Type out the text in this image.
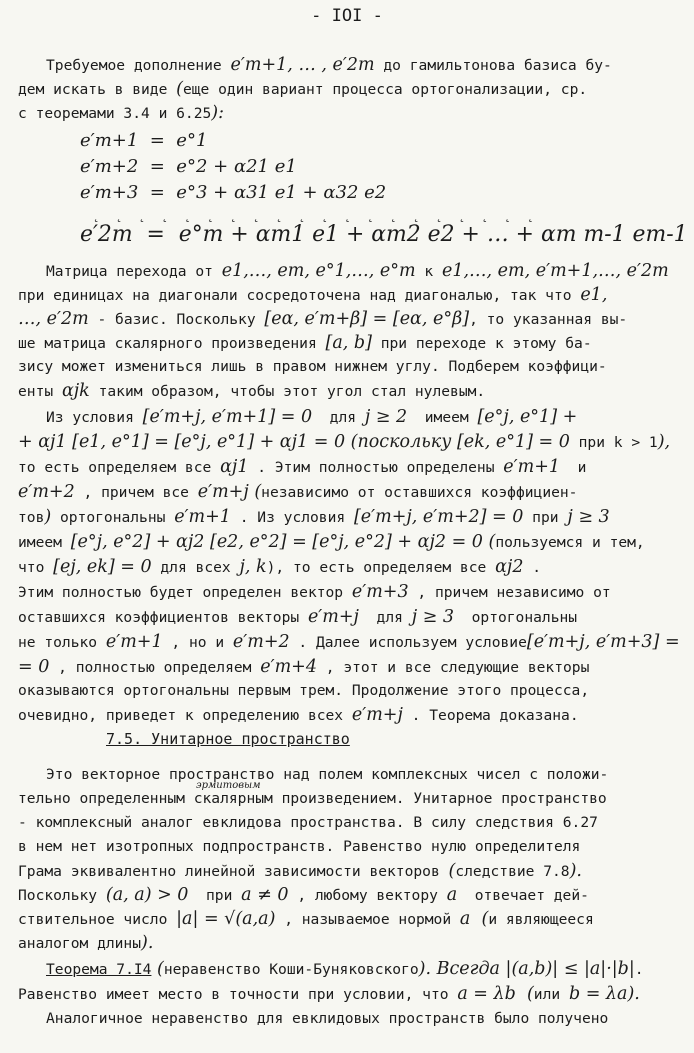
- IOI -
Требуемое дополнение e′m+1, … , e′2m до гамильтонова базиса бу-
дем искать в виде (еще один вариант процесса ортогонализации, ср.
с теоремами 3.4 и 6.25):
e′m+1  =  e°1
e′m+2  =  e°2 + α21 e1
e′m+3  =  e°3 + α31 e1 + α32 e2
˛ ˛ ˛ ˛ ˛ ˛ ˛ ˛ ˛ ˛ ˛ ˛ ˛ ˛ ˛ ˛ ˛ ˛ ˛ ˛
e′2m  =  e°m + αm1 e1 + αm2 e2 + … + αm m-1 em-1
Матрица перехода от e1,…, em, e°1,…, e°m к e1,…, em, e′m+1,…, e′2m
при единицах на диагонали сосредоточена над диагональю, так что e1,
…, e′2m - базис. Поскольку [eα, e′m+β] = [eα, e°β], то указанная вы-
ше матрица скалярного произведения [a, b] при переходе к этому ба-
зису может измениться лишь в правом нижнем углу. Подберем коэффици-
енты αjk таким образом, чтобы этот угол стал нулевым.
Из условия [e′m+j, e′m+1] = 0  для j ≥ 2  имеем [e°j, e°1] +
+ αj1 [e1, e°1] = [e°j, e°1] + αj1 = 0 (поскольку [ek, e°1] = 0 при k > 1),
то есть определяем все αj1 . Этим полностью определены e′m+1  и
e′m+2 , причем все e′m+j (независимо от оставшихся коэффициен-
тов) ортогональны e′m+1 . Из условия [e′m+j, e′m+2] = 0 при j ≥ 3
имеем [e°j, e°2] + αj2 [e2, e°2] = [e°j, e°2] + αj2 = 0 (пользуемся и тем,
что [ej, ek] = 0 для всех j, k), то есть определяем все αj2 .
Этим полностью будет определен вектор e′m+3 , причем независимо от
оставшихся коэффициентов векторы e′m+j  для j ≥ 3  ортогональны
не только e′m+1 , но и e′m+2 . Далее используем условие[e′m+j, e′m+3] =
= 0 , полностью определяем e′m+4 , этот и все следующие векторы
оказываются ортогональны первым трем. Продолжение этого процесса,
очевидно, приведет к определению всех e′m+j . Теорема доказана.
7.5. Унитарное пространство
Это векторное пространство над полем комплексных чисел с положи-
эрмитовым
тельно определенным скалярным произведением. Унитарное пространство
- комплексный аналог евклидова пространства. В силу следствия 6.27
в нем нет изотропных подпространств. Равенство нулю определителя
Грама эквивалентно линейной зависимости векторов (следствие 7.8).
Поскольку (a, a) > 0  при a ≠ 0 , любому вектору a  отвечает дей-
ствительное число |a| = √(a,a) , называемое нормой a  (и являющееся
аналогом длины).
Теорема 7.I4 (неравенство Коши-Буняковского). Всегда |(a,b)| ≤ |a|·|b|.
Равенство имеет место в точности при условии, что a = λb  (или b = λa).
Аналогичное неравенство для евклидовых пространств было получено
